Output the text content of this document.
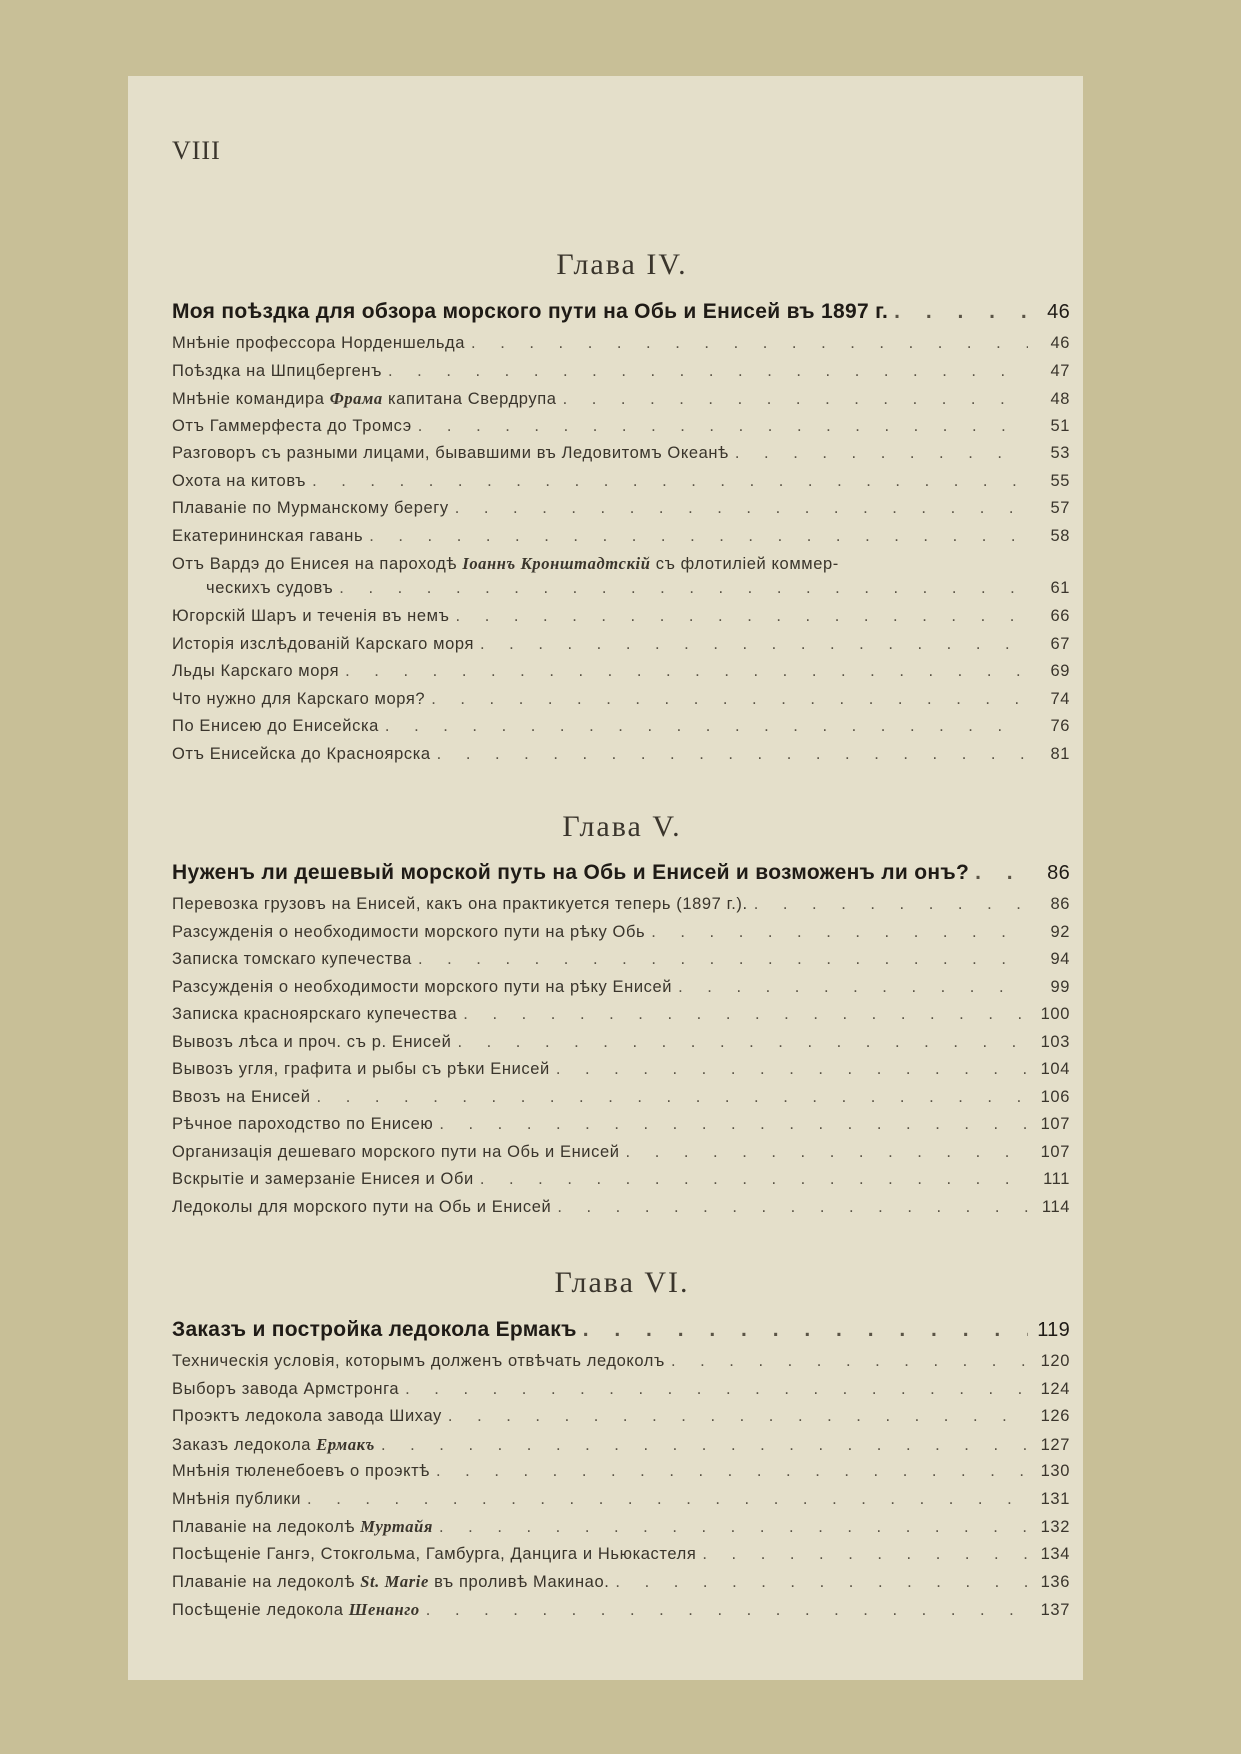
VIII
Глава IV.
Моя поѣздка для обзора морского пути на Обь и Енисей въ 1897 г. . . .	46
Мнѣніе профессора Норденшельда . . .	46
Поѣздка на Шпицбергенъ . . .	47
Мнѣніе командира Фрама капитана Свердрупа . . .	48
Отъ Гаммерфеста до Тромсэ . . .	51
Разговоръ съ разными лицами, бывавшими въ Ледовитомъ Океанѣ . . .	53
Охота на китовъ . . .	55
Плаваніе по Мурманскому берегу . . .	57
Екатерининская гавань . . .	58
Отъ Вардэ до Енисея на пароходѣ Іоаннъ Кронштадтскій съ флотиліей коммер-
ческихъ судовъ . . .	61
Югорскій Шаръ и теченія въ немъ . . .	66
Исторія изслѣдованій Карскаго моря . . .	67
Льды Карскаго моря . . .	69
Что нужно для Карскаго моря? . . .	74
По Енисею до Енисейска . . .	76
Отъ Енисейска до Красноярска . . .	81
Глава V.
Нуженъ ли дешевый морской путь на Обь и Енисей и возможенъ ли онъ? . . .	86
Перевозка грузовъ на Енисей, какъ она практикуется теперь (1897 г.). . . .	86
Разсужденія о необходимости морского пути на рѣку Обь . . .	92
Записка томскаго купечества . . .	94
Разсужденія о необходимости морского пути на рѣку Енисей . . .	99
Записка красноярскаго купечества . . .	100
Вывозъ лѣса и проч. съ р. Енисей . . .	103
Вывозъ угля, графита и рыбы съ рѣки Енисей . . .	104
Ввозъ на Енисей . . .	106
Рѣчное пароходство по Енисею . . .	107
Организація дешеваго морского пути на Обь и Енисей . . .	107
Вскрытіе и замерзаніе Енисея и Оби . . .	111
Ледоколы для морского пути на Обь и Енисей . . .	114
Глава VI.
Заказъ и постройка ледокола Ермакъ . . .	119
Техническія условія, которымъ долженъ отвѣчать ледоколъ . . .	120
Выборъ завода Армстронга . . .	124
Проэктъ ледокола завода Шихау . . .	126
Заказъ ледокола Ермакъ . . .	127
Мнѣнія тюленебоевъ о проэктѣ . . .	130
Мнѣнія публики . . .	131
Плаваніе на ледоколѣ Муртайя . . .	132
Посѣщеніе Гангэ, Стокгольма, Гамбурга, Данцига и Ньюкастеля . . .	134
Плаваніе на ледоколѣ St. Marie въ проливѣ Макинао. . . .	136
Посѣщеніе ледокола Шенанго . . .	137
